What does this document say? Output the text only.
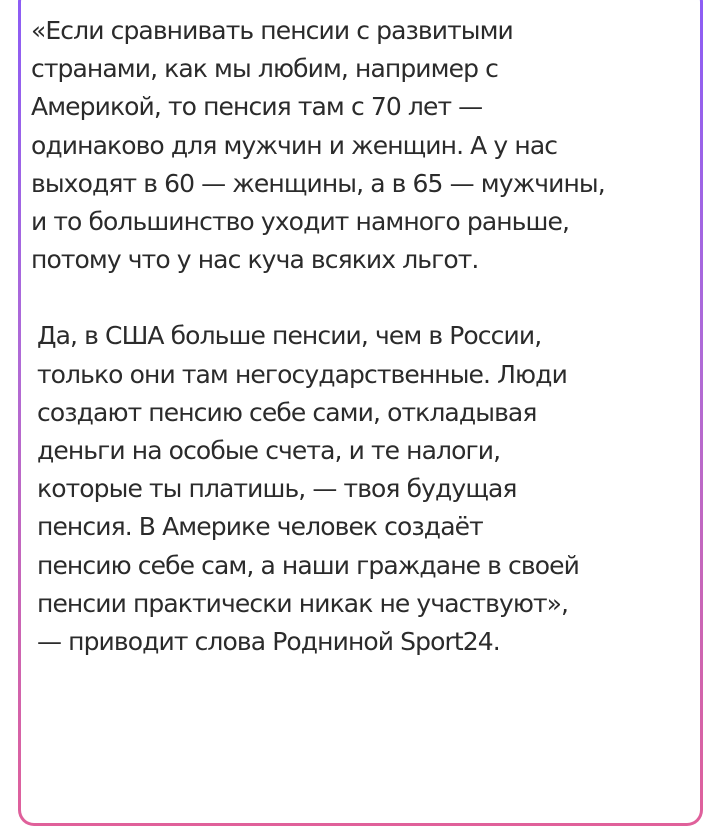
«Если сравнивать пенсии с развитыми
странами, как мы любим, например с
Америкой, то пенсия там с 70 лет —
одинаково для мужчин и женщин. А у нас
выходят в 60 — женщины, а в 65 — мужчины,
и то большинство уходит намного раньше,
потому что у нас куча всяких льгот.

Да, в США больше пенсии, чем в России,
только они там негосударственные. Люди
создают пенсию себе сами, откладывая
деньги на особые счета, и те налоги,
которые ты платишь, — твоя будущая
пенсия. В Америке человек создаёт
пенсию себе сам, а наши граждане в своей
пенсии практически никак не участвуют»,
— приводит слова Родниной Sport24.
